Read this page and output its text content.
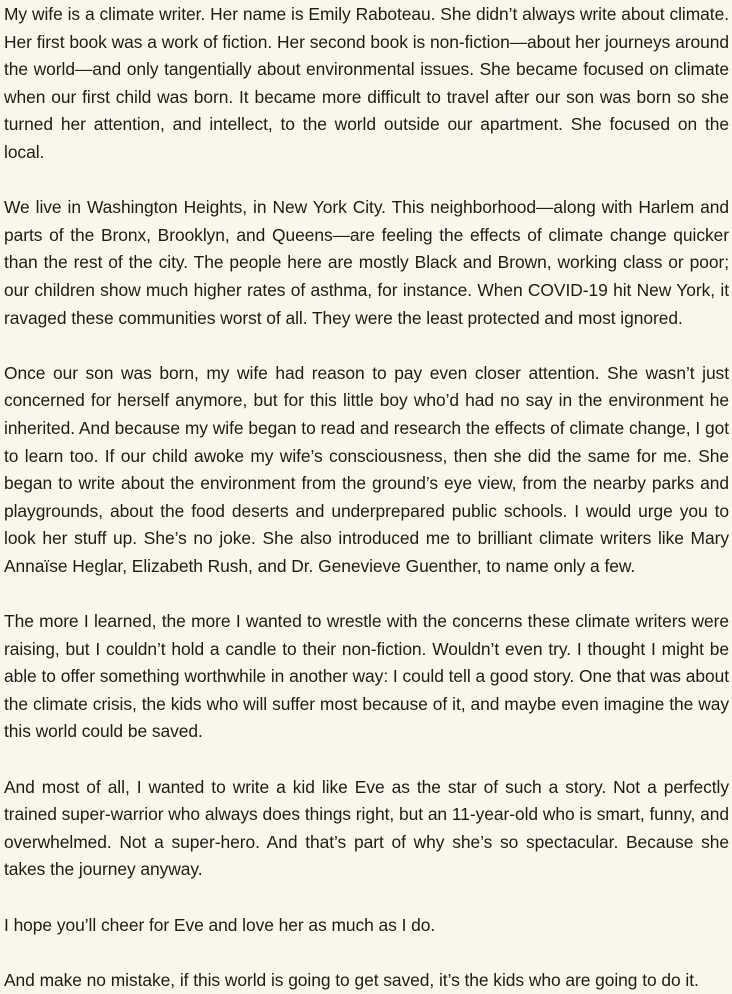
My wife is a climate writer. Her name is Emily Raboteau. She didn’t always write about climate. Her first book was a work of fiction. Her second book is non-fiction—about her journeys around the world—and only tangentially about environmental issues. She became focused on climate when our first child was born. It became more difficult to travel after our son was born so she turned her attention, and intellect, to the world outside our apartment. She focused on the local.

We live in Washington Heights, in New York City. This neighborhood—along with Harlem and parts of the Bronx, Brooklyn, and Queens—are feeling the effects of climate change quicker than the rest of the city. The people here are mostly Black and Brown, working class or poor; our children show much higher rates of asthma, for instance. When COVID-19 hit New York, it ravaged these communities worst of all. They were the least protected and most ignored.

Once our son was born, my wife had reason to pay even closer attention. She wasn’t just concerned for herself anymore, but for this little boy who’d had no say in the environment he inherited. And because my wife began to read and research the effects of climate change, I got to learn too. If our child awoke my wife’s consciousness, then she did the same for me. She began to write about the environment from the ground’s eye view, from the nearby parks and playgrounds, about the food deserts and underprepared public schools. I would urge you to look her stuff up. She’s no joke. She also introduced me to brilliant climate writers like Mary Annaïse Heglar, Elizabeth Rush, and Dr. Genevieve Guenther, to name only a few.

The more I learned, the more I wanted to wrestle with the concerns these climate writers were raising, but I couldn’t hold a candle to their non-fiction. Wouldn’t even try. I thought I might be able to offer something worthwhile in another way: I could tell a good story. One that was about the climate crisis, the kids who will suffer most because of it, and maybe even imagine the way this world could be saved.

And most of all, I wanted to write a kid like Eve as the star of such a story. Not a perfectly trained super-warrior who always does things right, but an 11-year-old who is smart, funny, and overwhelmed. Not a super-hero. And that’s part of why she’s so spectacular. Because she takes the journey anyway.

I hope you’ll cheer for Eve and love her as much as I do.

And make no mistake, if this world is going to get saved, it’s the kids who are going to do it.
